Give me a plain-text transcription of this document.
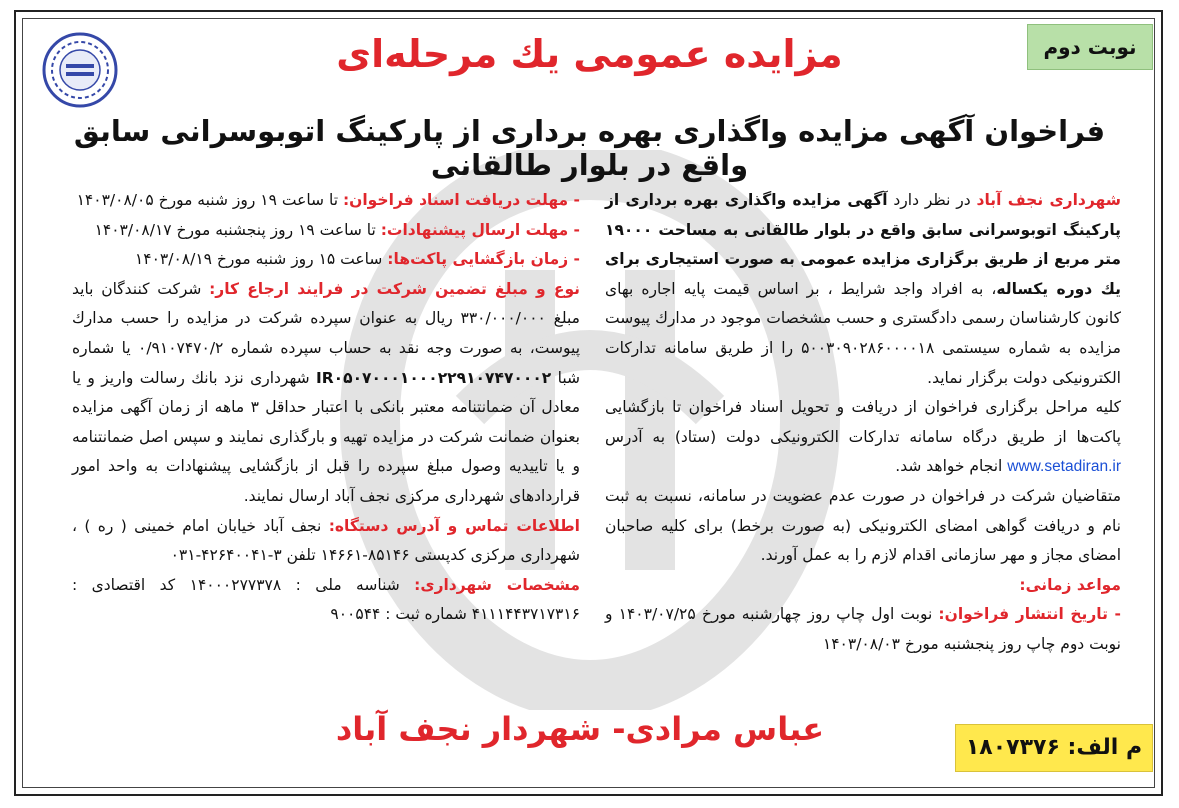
نوبت دوم
مزایده عمومی یك مرحله‌ای
فراخوان آگهی مزایده واگذاری بهره برداری از پارکینگ اتوبوسرانی سابق واقع در بلوار طالقانی

شهرداری نجف آباد در نظر دارد آگهی مزایده واگذاری بهره برداری از پارکینگ اتوبوسرانی سابق واقع در بلوار طالقانی به مساحت ۱۹۰۰۰ متر مربع از طریق برگزاری مزایده عمومی به صورت استیجاری برای یك دوره یکساله، به افراد واجد شرایط ، بر اساس قیمت پایه اجاره بهای کانون کارشناسان رسمی دادگستری و حسب مشخصات موجود در مدارك پیوست مزایده به شماره سیستمی ۵۰۰۳۰۹۰۲۸۶۰۰۰۰۱۸ را از طریق سامانه تدارکات الکترونیکی دولت برگزار نماید.

کلیه مراحل برگزاری فراخوان از دریافت و تحویل اسناد فراخوان تا بازگشایی پاکت‌ها از طریق درگاه سامانه تدارکات الکترونیکی دولت (ستاد) به آدرس www.setadiran.ir انجام خواهد شد.

متقاضیان شرکت در فراخوان در صورت عدم عضویت در سامانه، نسبت به ثبت نام و دریافت گواهی امضای الکترونیکی (به صورت برخط) برای کلیه صاحبان امضای مجاز و مهر سازمانی اقدام لازم را به عمل آورند.

مواعد زمانی:

- تاریخ انتشار فراخوان: نوبت اول چاپ روز چهارشنبه مورخ ۱۴۰۳/۰۷/۲۵ و نوبت دوم چاپ روز پنجشنبه مورخ ۱۴۰۳/۰۸/۰۳

- مهلت دریافت اسناد فراخوان: تا ساعت ۱۹ روز شنبه مورخ ۱۴۰۳/۰۸/۰۵

- مهلت ارسال پیشنهادات: تا ساعت ۱۹ روز پنجشنبه مورخ ۱۴۰۳/۰۸/۱۷

- زمان بازگشایی پاکت‌ها: ساعت ۱۵ روز شنبه مورخ ۱۴۰۳/۰۸/۱۹

نوع و مبلغ تضمین شرکت در فرایند ارجاع کار: شرکت کنندگان باید مبلغ ۳۳۰/۰۰۰/۰۰۰ ریال به عنوان سپرده شرکت در مزایده را حسب مدارك پیوست، به صورت وجه نقد به حساب سپرده شماره ۰/۹۱۰۷۴۷۰/۲ یا شماره شبا IR۰۵۰۷۰۰۰۱۰۰۰۲۲۹۱۰۷۴۷۰۰۰۲ شهرداری نزد بانك رسالت واریز و یا معادل آن ضمانتنامه معتبر بانکی با اعتبار حداقل ۳ ماهه از زمان آگهی مزایده بعنوان ضمانت شرکت در مزایده تهیه و بارگذاری نمایند و سپس اصل ضمانتنامه و یا تاییدیه وصول مبلغ سپرده را قبل از بازگشایی پیشنهادات به واحد امور قراردادهای شهرداری مرکزی نجف آباد ارسال نمایند.

اطلاعات تماس و آدرس دستگاه: نجف آباد خیابان امام خمینی ( ره ) ، شهرداری مرکزی کدپستی ۸۵۱۴۶-۱۴۶۶۱ تلفن ۳-۴۲۶۴۰۰۴۱-۰۳۱

مشخصات شهرداری: شناسه ملی : ۱۴۰۰۰۲۷۷۳۷۸ کد اقتصادی : ۴۱۱۱۴۴۳۷۱۷۳۱۶ شماره ثبت : ۹۰۰۵۴۴

عباس مرادی- شهردار نجف آباد	م الف: ۱۸۰۷۳۷۶
